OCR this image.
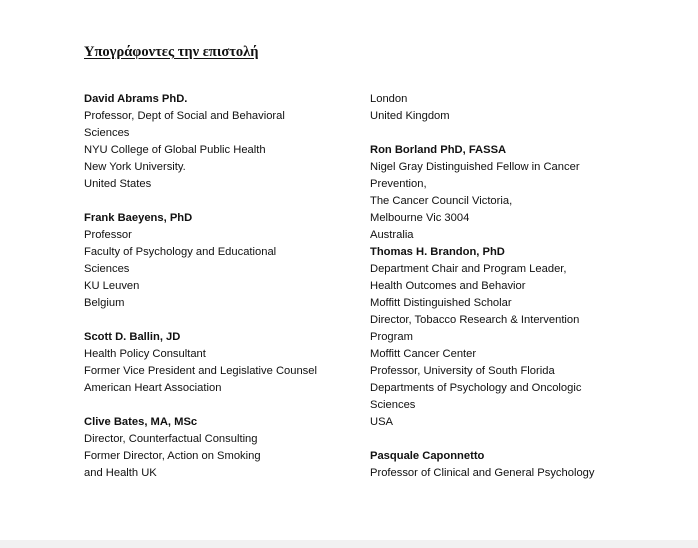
Υπογράφοντες την επιστολή
David Abrams PhD.
Professor, Dept of Social and Behavioral
Sciences
NYU College of Global Public Health
New York University.
United States
Frank Baeyens, PhD
Professor
Faculty of Psychology and Educational
Sciences
KU Leuven
Belgium
Scott D. Ballin, JD
Health Policy Consultant
Former Vice President and Legislative Counsel
American Heart Association
Clive Bates, MA, MSc
Director, Counterfactual Consulting
Former Director, Action on Smoking
and Health UK
London
United Kingdom
Ron Borland PhD, FASSA
Nigel Gray Distinguished Fellow in Cancer
Prevention,
The Cancer Council Victoria,
Melbourne Vic 3004
Australia
Thomas H. Brandon, PhD
Department Chair and Program Leader,
Health Outcomes and Behavior
Moffitt Distinguished Scholar
Director, Tobacco Research & Intervention
Program
Moffitt Cancer Center
Professor, University of South Florida
Departments of Psychology and Oncologic
Sciences
USA
Pasquale Caponnetto
Professor of Clinical and General Psychology
